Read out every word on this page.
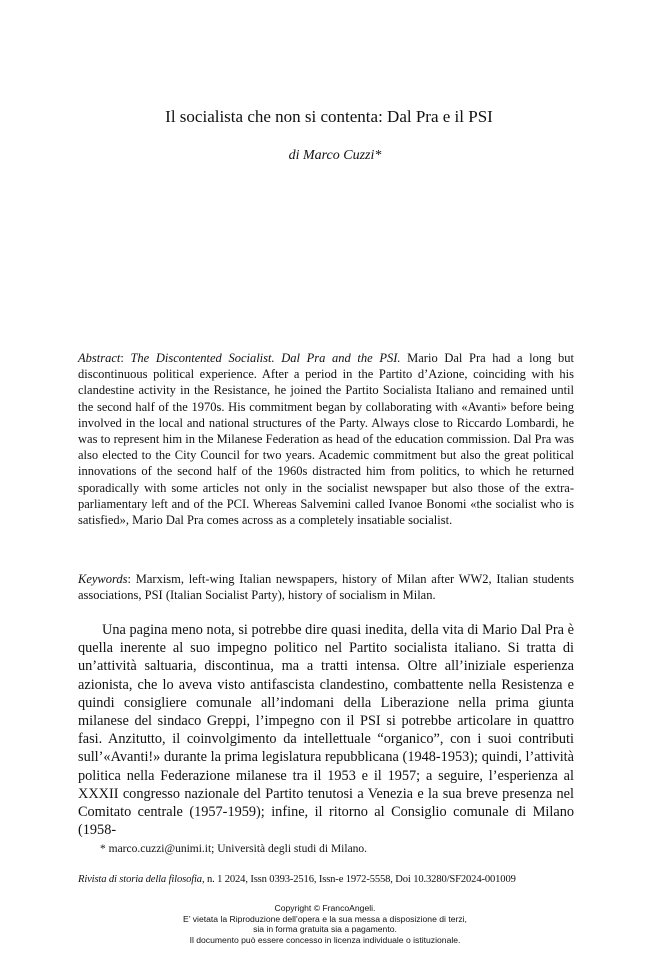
Il socialista che non si contenta: Dal Pra e il PSI
di Marco Cuzzi*

Abstract: The Discontented Socialist. Dal Pra and the PSI. Mario Dal Pra had a long but discontinuous political experience. After a period in the Partito d’Azione, coinciding with his clandestine activity in the Resistance, he joined the Partito Socialista Italiano and remained until the second half of the 1970s. His commitment began by collaborating with «Avanti» before being involved in the local and national structures of the Party. Always close to Riccardo Lombardi, he was to represent him in the Milanese Federation as head of the education commission. Dal Pra was also elected to the City Council for two years. Academic commitment but also the great political innovations of the second half of the 1960s distracted him from politics, to which he returned sporadically with some articles not only in the socialist newspaper but also those of the extra-parliamentary left and of the PCI. Whereas Salvemini called Ivanoe Bonomi «the socialist who is satisfied», Mario Dal Pra comes across as a completely insatiable socialist.

Keywords: Marxism, left-wing Italian newspapers, history of Milan after WW2, Italian students associations, PSI (Italian Socialist Party), history of socialism in Milan.

Una pagina meno nota, si potrebbe dire quasi inedita, della vita di Mario Dal Pra è quella inerente al suo impegno politico nel Partito socialista italiano. Si tratta di un’attività saltuaria, discontinua, ma a tratti intensa. Oltre all’iniziale esperienza azionista, che lo aveva visto antifascista clandestino, combattente nella Resistenza e quindi consigliere comunale all’indomani della Liberazione nella prima giunta milanese del sindaco Greppi, l’impegno con il PSI si potrebbe articolare in quattro fasi. Anzitutto, il coinvolgimento da intellettuale “organico”, con i suoi contributi sull’«Avanti!» durante la prima legislatura repubblicana (1948-1953); quindi, l’attività politica nella Federazione milanese tra il 1953 e il 1957; a seguire, l’esperienza al XXXII congresso nazionale del Partito tenutosi a Venezia e la sua breve presenza nel Comitato centrale (1957-1959); infine, il ritorno al Consiglio comunale di Milano (1958-

* marco.cuzzi@unimi.it; Università degli studi di Milano.

Rivista di storia della filosofia, n. 1 2024, Issn 0393-2516, Issn-e 1972-5558, Doi 10.3280/SF2024-001009

Copyright © FrancoAngeli.
E’ vietata la Riproduzione dell’opera e la sua messa a disposizione di terzi,
sia in forma gratuita sia a pagamento.
Il documento può essere concesso in licenza individuale o istituzionale.
